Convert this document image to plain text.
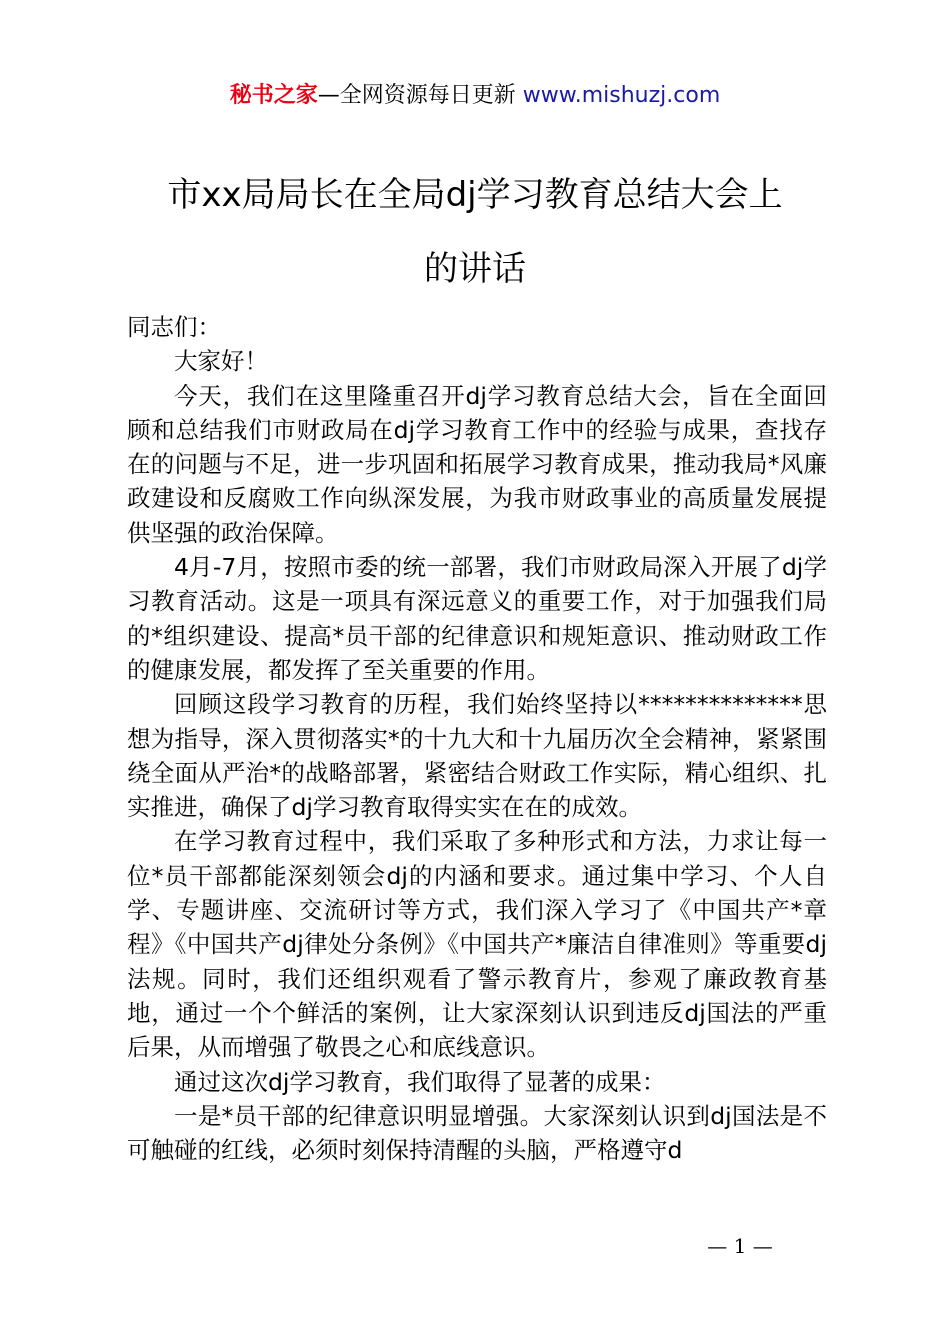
秘书之家—全网资源每日更新 www.mishuzj.com
市xx局局长在全局dj学习教育总结大会上
的讲话

同志们：

大家好！

今天，我们在这里隆重召开dj学习教育总结大会，旨在全面回顾和总结我们市财政局在dj学习教育工作中的经验与成果，查找存在的问题与不足，进一步巩固和拓展学习教育成果，推动我局*风廉政建设和反腐败工作向纵深发展，为我市财政事业的高质量发展提供坚强的政治保障。

4月-7月，按照市委的统一部署，我们市财政局深入开展了dj学习教育活动。这是一项具有深远意义的重要工作，对于加强我们局的*组织建设、提高*员干部的纪律意识和规矩意识、推动财政工作的健康发展，都发挥了至关重要的作用。

回顾这段学习教育的历程，我们始终坚持以**************思想为指导，深入贯彻落实*的十九大和十九届历次全会精神，紧紧围绕全面从严治*的战略部署，紧密结合财政工作实际，精心组织、扎实推进，确保了dj学习教育取得实实在在的成效。

在学习教育过程中，我们采取了多种形式和方法，力求让每一位*员干部都能深刻领会dj的内涵和要求。通过集中学习、个人自学、专题讲座、交流研讨等方式，我们深入学习了《中国共产*章程》《中国共产dj律处分条例》《中国共产*廉洁自律准则》等重要dj法规。同时，我们还组织观看了警示教育片，参观了廉政教育基地，通过一个个鲜活的案例，让大家深刻认识到违反dj国法的严重后果，从而增强了敬畏之心和底线意识。

通过这次dj学习教育，我们取得了显著的成果：

一是*员干部的纪律意识明显增强。大家深刻认识到dj国法是不可触碰的红线，必须时刻保持清醒的头脑，严格遵守d

— 1 —
